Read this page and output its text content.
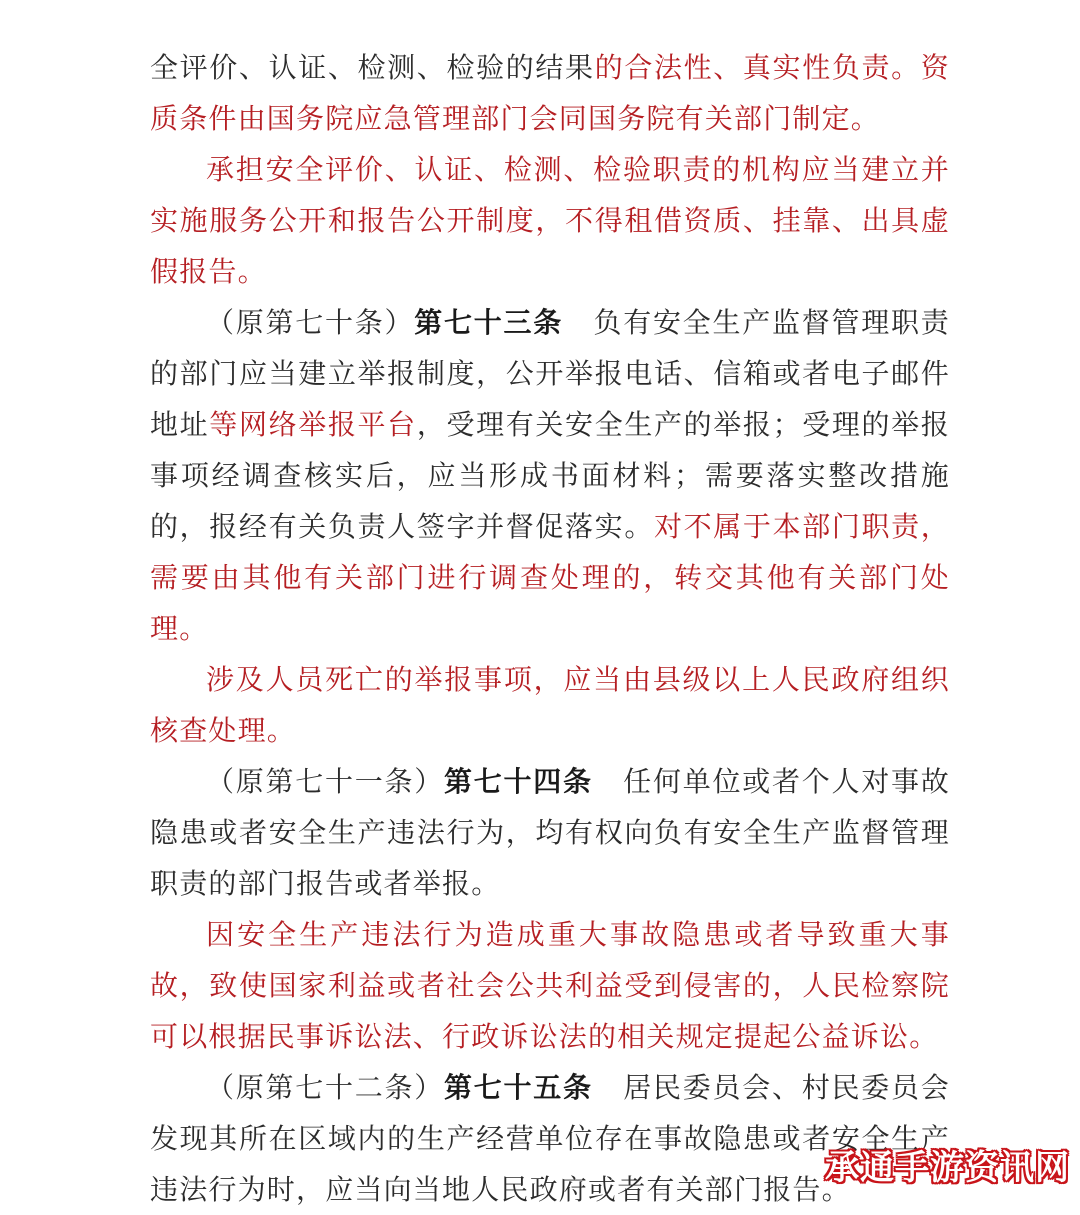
全评价、认证、检测、检验的结果的合法性、真实性负责。资质条件由国务院应急管理部门会同国务院有关部门制定。

承担安全评价、认证、检测、检验职责的机构应当建立并实施服务公开和报告公开制度，不得租借资质、挂靠、出具虚假报告。

（原第七十条）第七十三条 负有安全生产监督管理职责的部门应当建立举报制度，公开举报电话、信箱或者电子邮件地址等网络举报平台，受理有关安全生产的举报；受理的举报事项经调查核实后，应当形成书面材料；需要落实整改措施的，报经有关负责人签字并督促落实。对不属于本部门职责，需要由其他有关部门进行调查处理的，转交其他有关部门处理。

涉及人员死亡的举报事项，应当由县级以上人民政府组织核查处理。

（原第七十一条）第七十四条 任何单位或者个人对事故隐患或者安全生产违法行为，均有权向负有安全生产监督管理职责的部门报告或者举报。

因安全生产违法行为造成重大事故隐患或者导致重大事故，致使国家利益或者社会公共利益受到侵害的，人民检察院可以根据民事诉讼法、行政诉讼法的相关规定提起公益诉讼。

（原第七十二条）第七十五条 居民委员会、村民委员会发现其所在区域内的生产经营单位存在事故隐患或者安全生产违法行为时，应当向当地人民政府或者有关部门报告。

承通手游资讯网
